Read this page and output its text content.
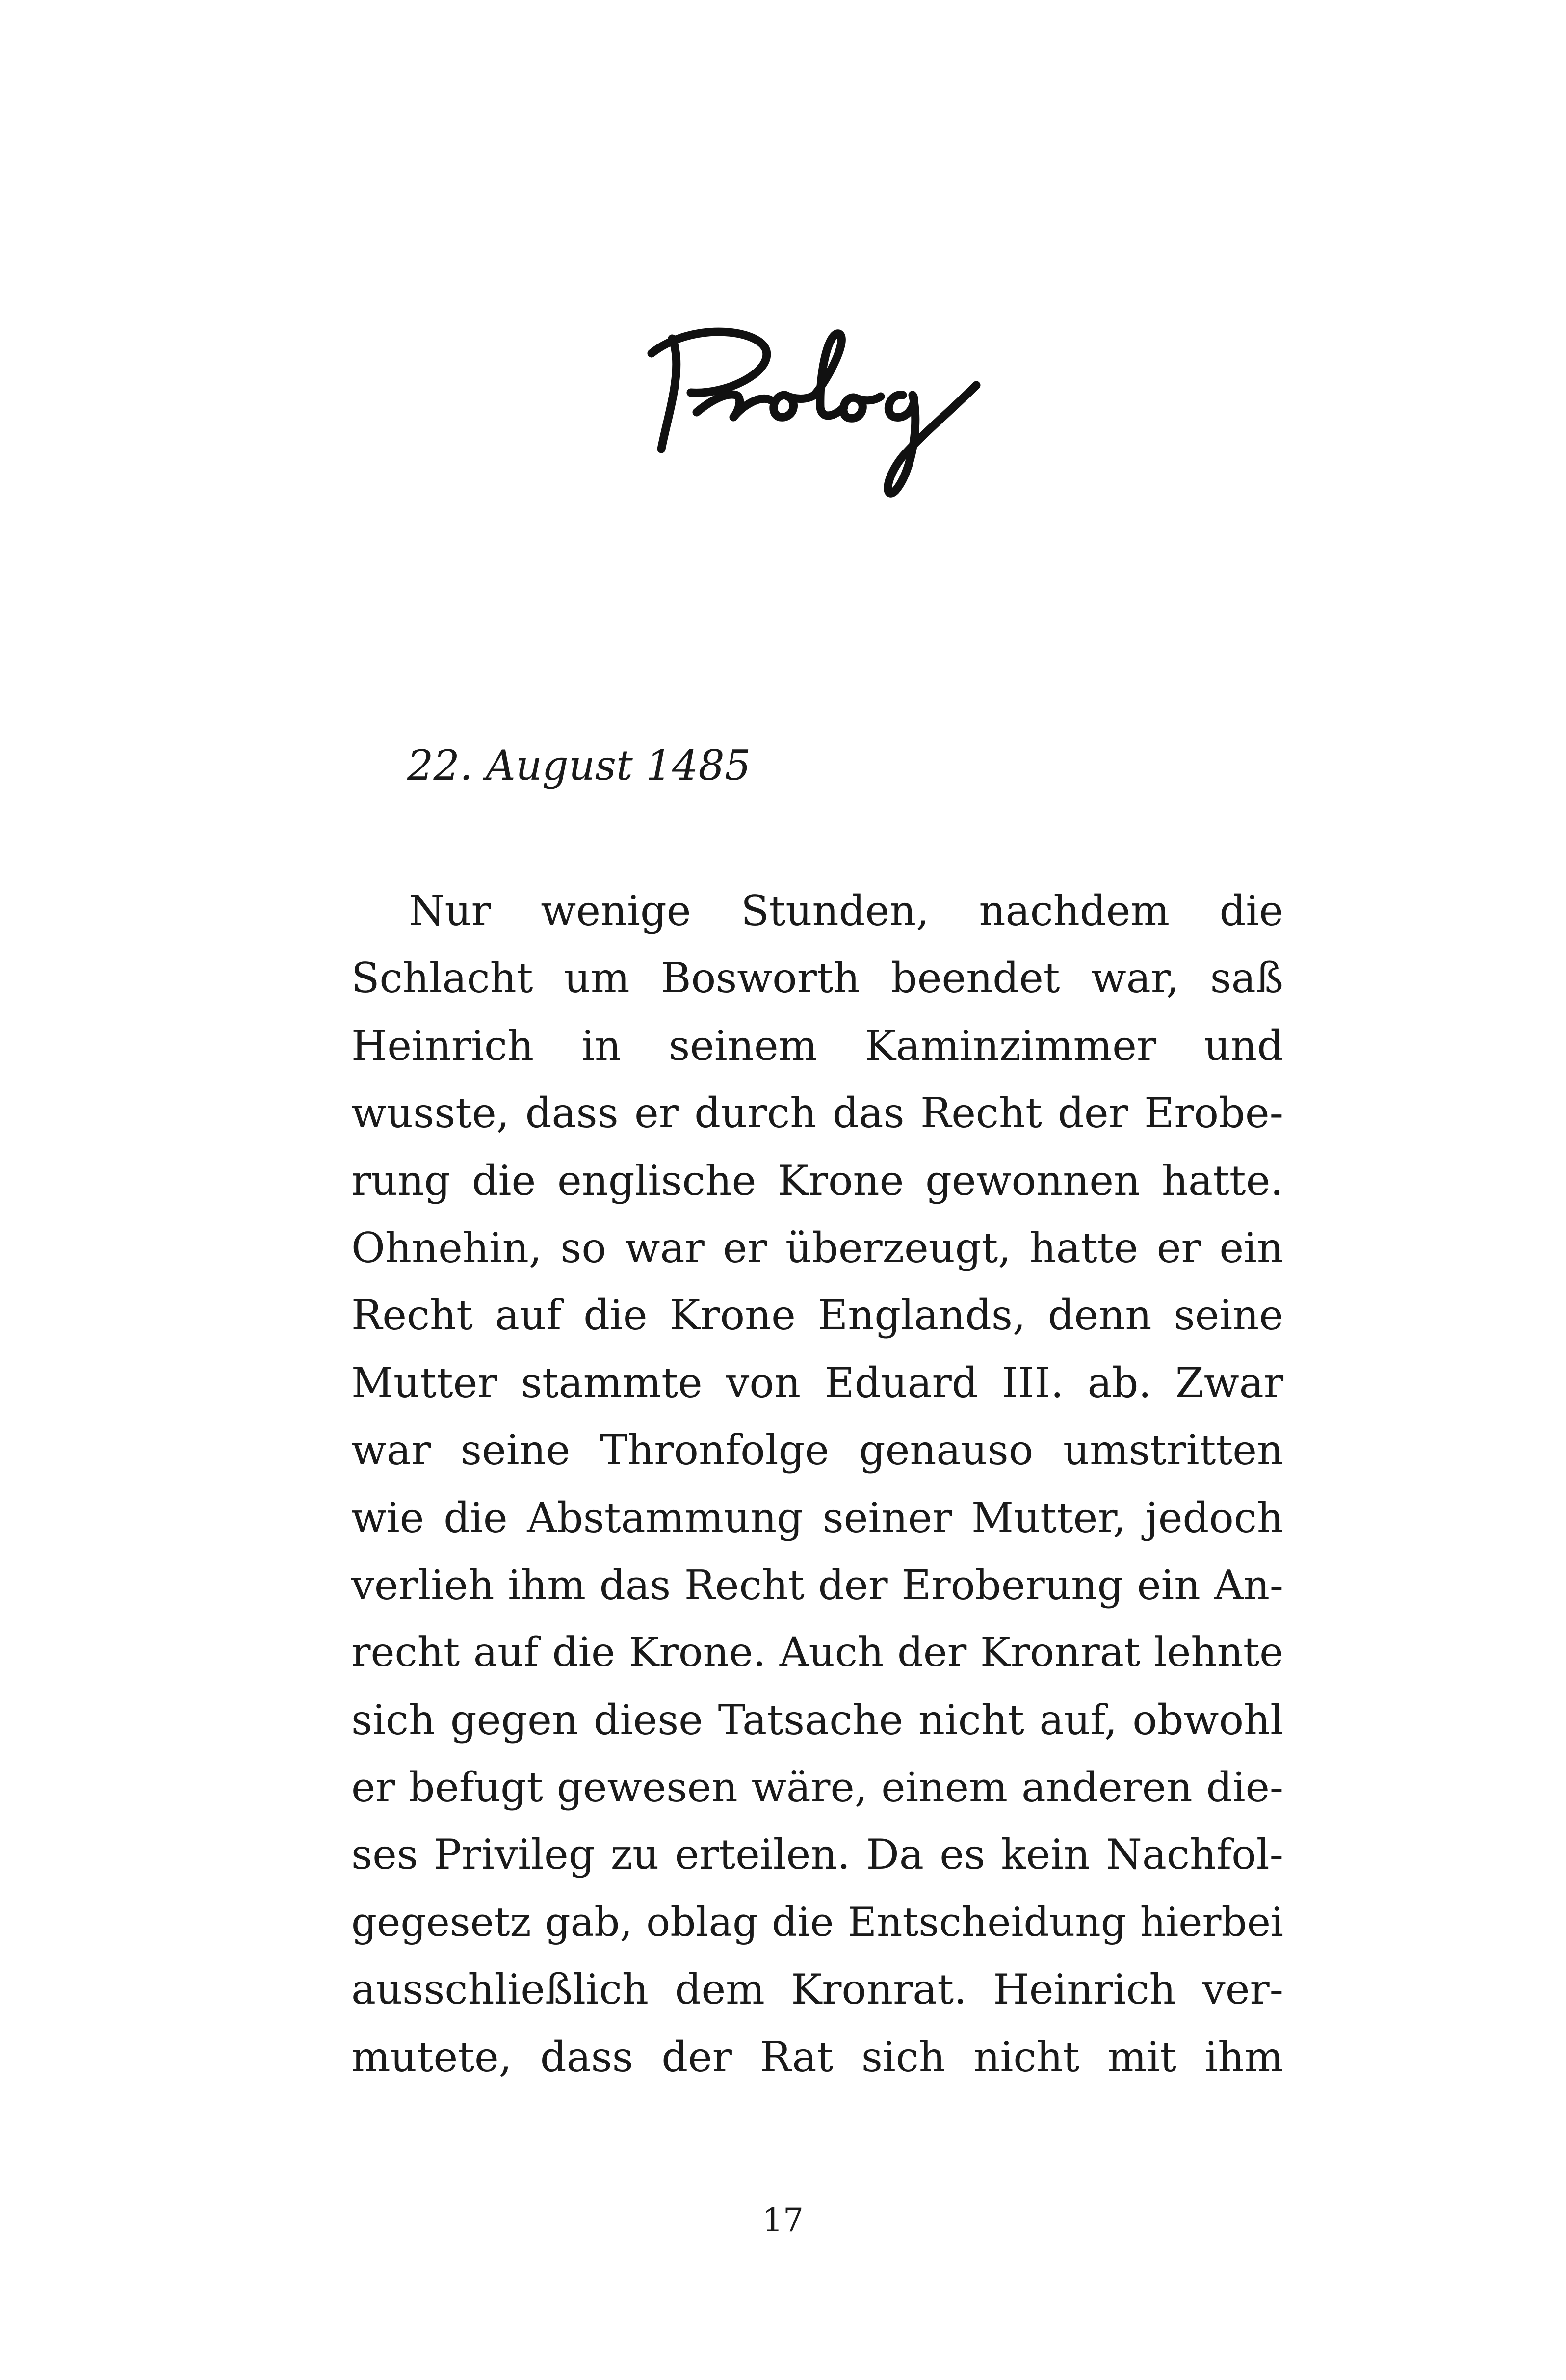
22. August 1485
Nur wenige Stunden, nachdem die
Schlacht um Bosworth beendet war, saß
Heinrich in seinem Kaminzimmer und
wusste, dass er durch das Recht der Erobe-
rung die englische Krone gewonnen hatte.
Ohnehin, so war er überzeugt, hatte er ein
Recht auf die Krone Englands, denn seine
Mutter stammte von Eduard III. ab. Zwar
war seine Thronfolge genauso umstritten
wie die Abstammung seiner Mutter, jedoch
verlieh ihm das Recht der Eroberung ein An-
recht auf die Krone. Auch der Kronrat lehnte
sich gegen diese Tatsache nicht auf, obwohl
er befugt gewesen wäre, einem anderen die-
ses Privileg zu erteilen. Da es kein Nachfol-
gegesetz gab, oblag die Entscheidung hierbei
ausschließlich dem Kronrat. Heinrich ver-
mutete, dass der Rat sich nicht mit ihm
17
